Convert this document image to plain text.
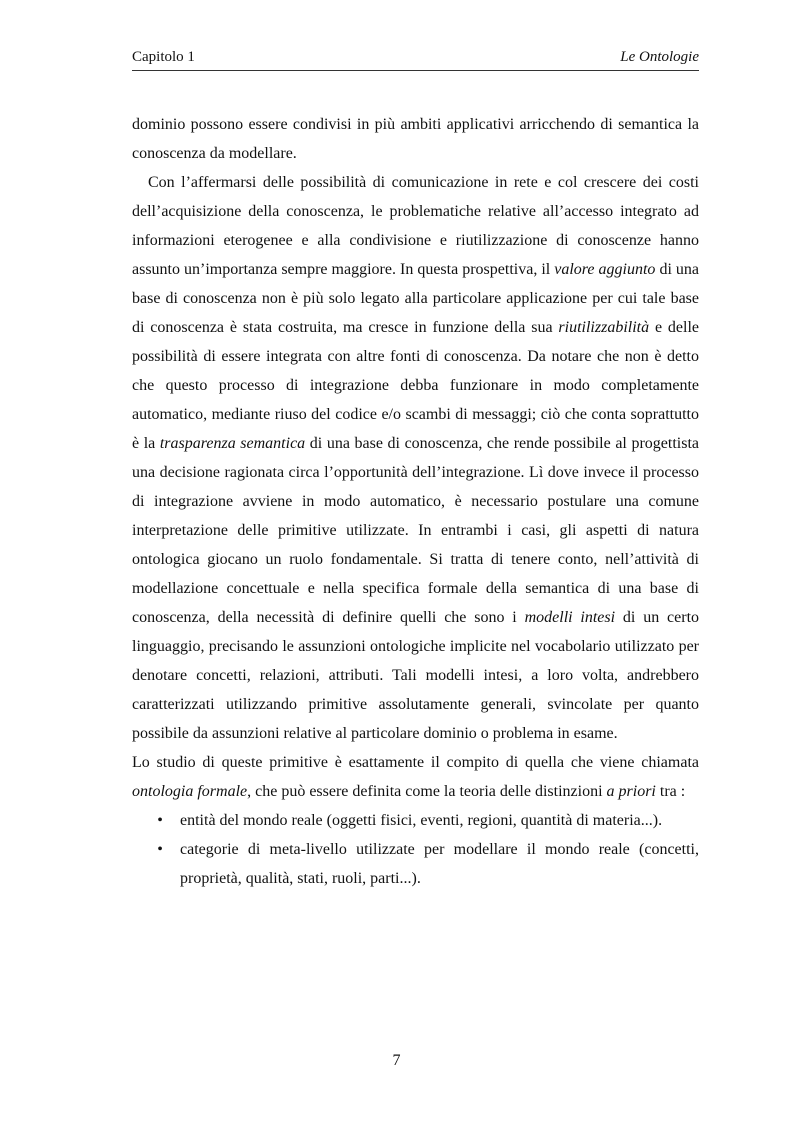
Capitolo 1	Le Ontologie

dominio possono essere condivisi in più ambiti applicativi arricchendo di semantica la conoscenza da modellare.

Con l’affermarsi delle possibilità di comunicazione in rete e col crescere dei costi dell’acquisizione della conoscenza, le problematiche relative all’accesso integrato ad informazioni eterogenee e alla condivisione e riutilizzazione di conoscenze hanno assunto un’importanza sempre maggiore. In questa prospettiva, il valore aggiunto di una base di conoscenza non è più solo legato alla particolare applicazione per cui tale base di conoscenza è stata costruita, ma cresce in funzione della sua riutilizzabilità e delle possibilità di essere integrata con altre fonti di conoscenza. Da notare che non è detto che questo processo di integrazione debba funzionare in modo completamente automatico, mediante riuso del codice e/o scambi di messaggi; ciò che conta soprattutto è la trasparenza semantica di una base di conoscenza, che rende possibile al progettista una decisione ragionata circa l’opportunità dell’integrazione. Lì dove invece il processo di integrazione avviene in modo automatico, è necessario postulare una comune interpretazione delle primitive utilizzate. In entrambi i casi, gli aspetti di natura ontologica giocano un ruolo fondamentale. Si tratta di tenere conto, nell’attività di modellazione concettuale e nella specifica formale della semantica di una base di conoscenza, della necessità di definire quelli che sono i modelli intesi di un certo linguaggio, precisando le assunzioni ontologiche implicite nel vocabolario utilizzato per denotare concetti, relazioni, attributi. Tali modelli intesi, a loro volta, andrebbero caratterizzati utilizzando primitive assolutamente generali, svincolate per quanto possibile da assunzioni relative al particolare dominio o problema in esame.

Lo studio di queste primitive è esattamente il compito di quella che viene chiamata ontologia formale, che può essere definita come la teoria delle distinzioni a priori tra :

• entità del mondo reale (oggetti fisici, eventi, regioni, quantità di materia...).
• categorie di meta-livello utilizzate per modellare il mondo reale (concetti, proprietà, qualità, stati, ruoli, parti...).
7
